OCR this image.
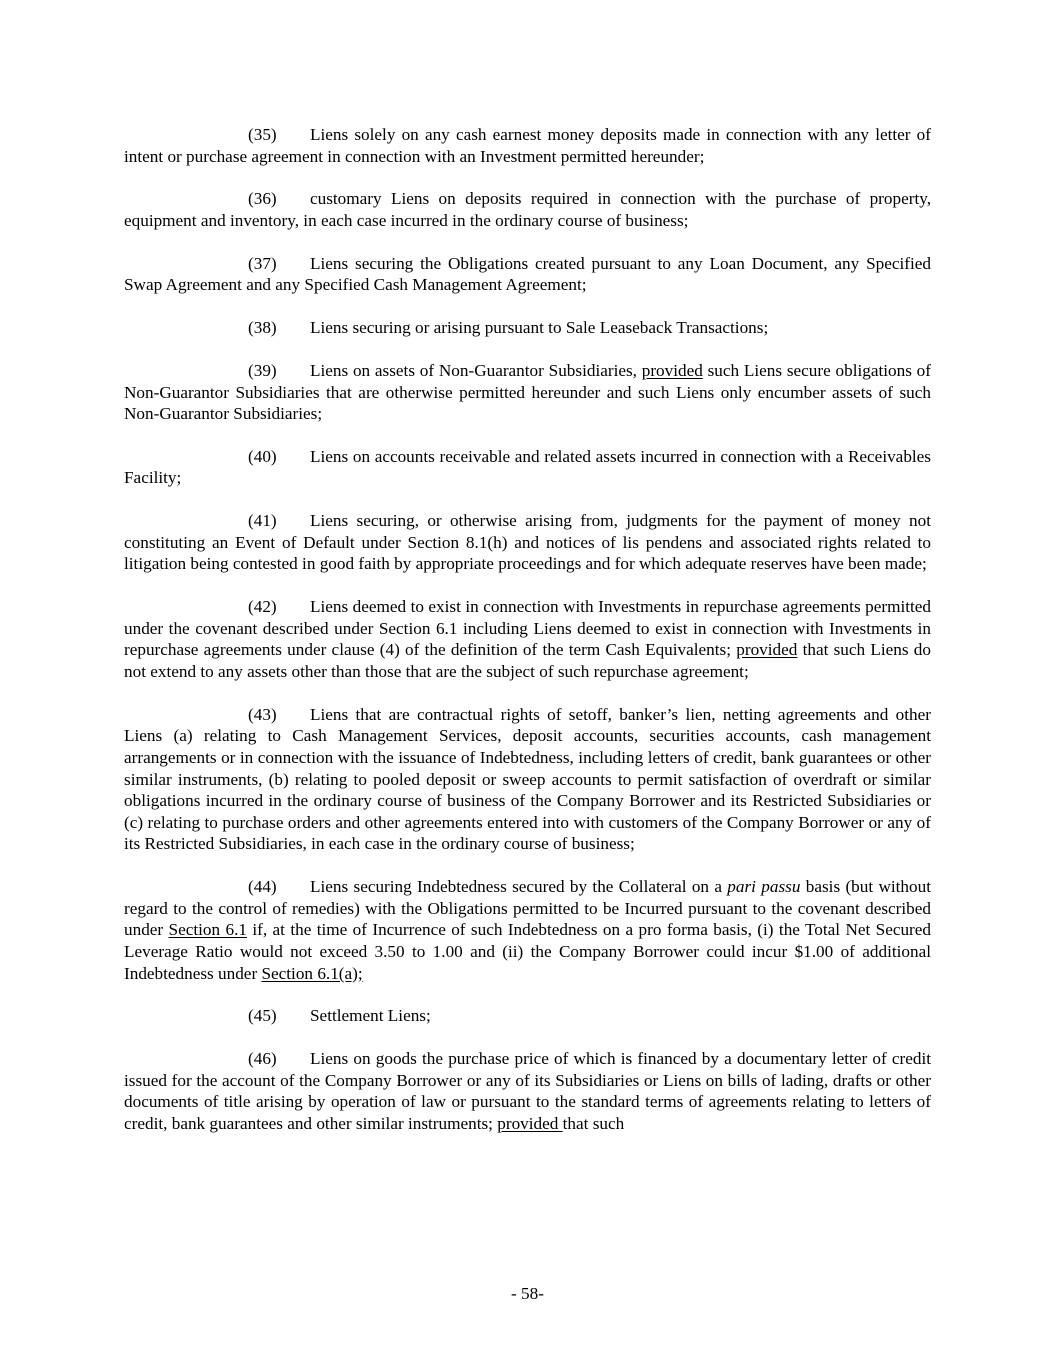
(35) Liens solely on any cash earnest money deposits made in connection with any letter of intent or purchase agreement in connection with an Investment permitted hereunder;

(36) customary Liens on deposits required in connection with the purchase of property, equipment and inventory, in each case incurred in the ordinary course of business;

(37) Liens securing the Obligations created pursuant to any Loan Document, any Specified Swap Agreement and any Specified Cash Management Agreement;

(38) Liens securing or arising pursuant to Sale Leaseback Transactions;

(39) Liens on assets of Non-Guarantor Subsidiaries, provided such Liens secure obligations of Non-Guarantor Subsidiaries that are otherwise permitted hereunder and such Liens only encumber assets of such Non-Guarantor Subsidiaries;

(40) Liens on accounts receivable and related assets incurred in connection with a Receivables Facility;

(41) Liens securing, or otherwise arising from, judgments for the payment of money not constituting an Event of Default under Section 8.1(h) and notices of lis pendens and associated rights related to litigation being contested in good faith by appropriate proceedings and for which adequate reserves have been made;

(42) Liens deemed to exist in connection with Investments in repurchase agreements permitted under the covenant described under Section 6.1 including Liens deemed to exist in connection with Investments in repurchase agreements under clause (4) of the definition of the term Cash Equivalents; provided that such Liens do not extend to any assets other than those that are the subject of such repurchase agreement;

(43) Liens that are contractual rights of setoff, banker’s lien, netting agreements and other Liens (a) relating to Cash Management Services, deposit accounts, securities accounts, cash management arrangements or in connection with the issuance of Indebtedness, including letters of credit, bank guarantees or other similar instruments, (b) relating to pooled deposit or sweep accounts to permit satisfaction of overdraft or similar obligations incurred in the ordinary course of business of the Company Borrower and its Restricted Subsidiaries or (c) relating to purchase orders and other agreements entered into with customers of the Company Borrower or any of its Restricted Subsidiaries, in each case in the ordinary course of business;

(44) Liens securing Indebtedness secured by the Collateral on a pari passu basis (but without regard to the control of remedies) with the Obligations permitted to be Incurred pursuant to the covenant described under Section 6.1 if, at the time of Incurrence of such Indebtedness on a pro forma basis, (i) the Total Net Secured Leverage Ratio would not exceed 3.50 to 1.00 and (ii) the Company Borrower could incur $1.00 of additional Indebtedness under Section 6.1(a);

(45) Settlement Liens;

(46) Liens on goods the purchase price of which is financed by a documentary letter of credit issued for the account of the Company Borrower or any of its Subsidiaries or Liens on bills of lading, drafts or other documents of title arising by operation of law or pursuant to the standard terms of agreements relating to letters of credit, bank guarantees and other similar instruments; provided that such

- 58-
